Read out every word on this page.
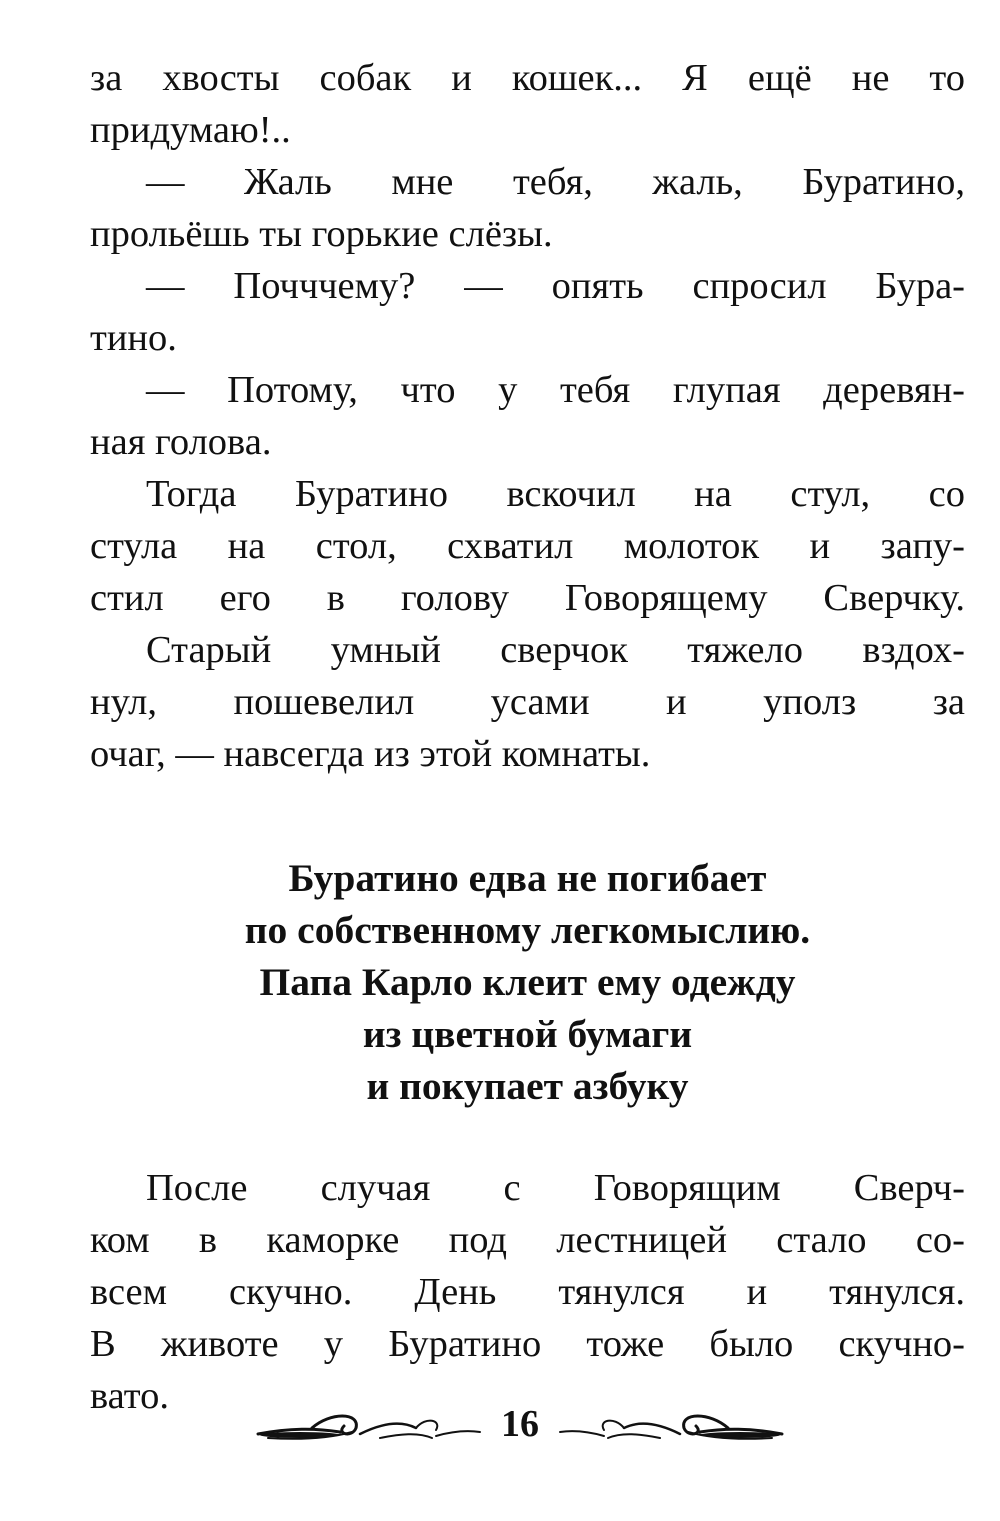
за хвосты собак и кошек... Я ещё не то
придумаю!..
— Жаль мне тебя, жаль, Буратино,
прольёшь ты горькие слёзы.
— Почччему? — опять спросил Бура-
тино.
— Потому, что у тебя глупая деревян-
ная голова.
Тогда Буратино вскочил на стул, со
стула на стол, схватил молоток и запу-
стил его в голову Говорящему Сверчку.
Старый умный сверчок тяжело вздох-
нул, пошевелил усами и уполз за
очаг, — навсегда из этой комнаты.
Буратино едва не погибает
по собственному легкомыслию.
Папа Карло клеит ему одежду
из цветной бумаги
и покупает азбуку
После случая с Говорящим Сверч-
ком в каморке под лестницей стало со-
всем скучно. День тянулся и тянулся.
В животе у Буратино тоже было скучно-
вато.
16
